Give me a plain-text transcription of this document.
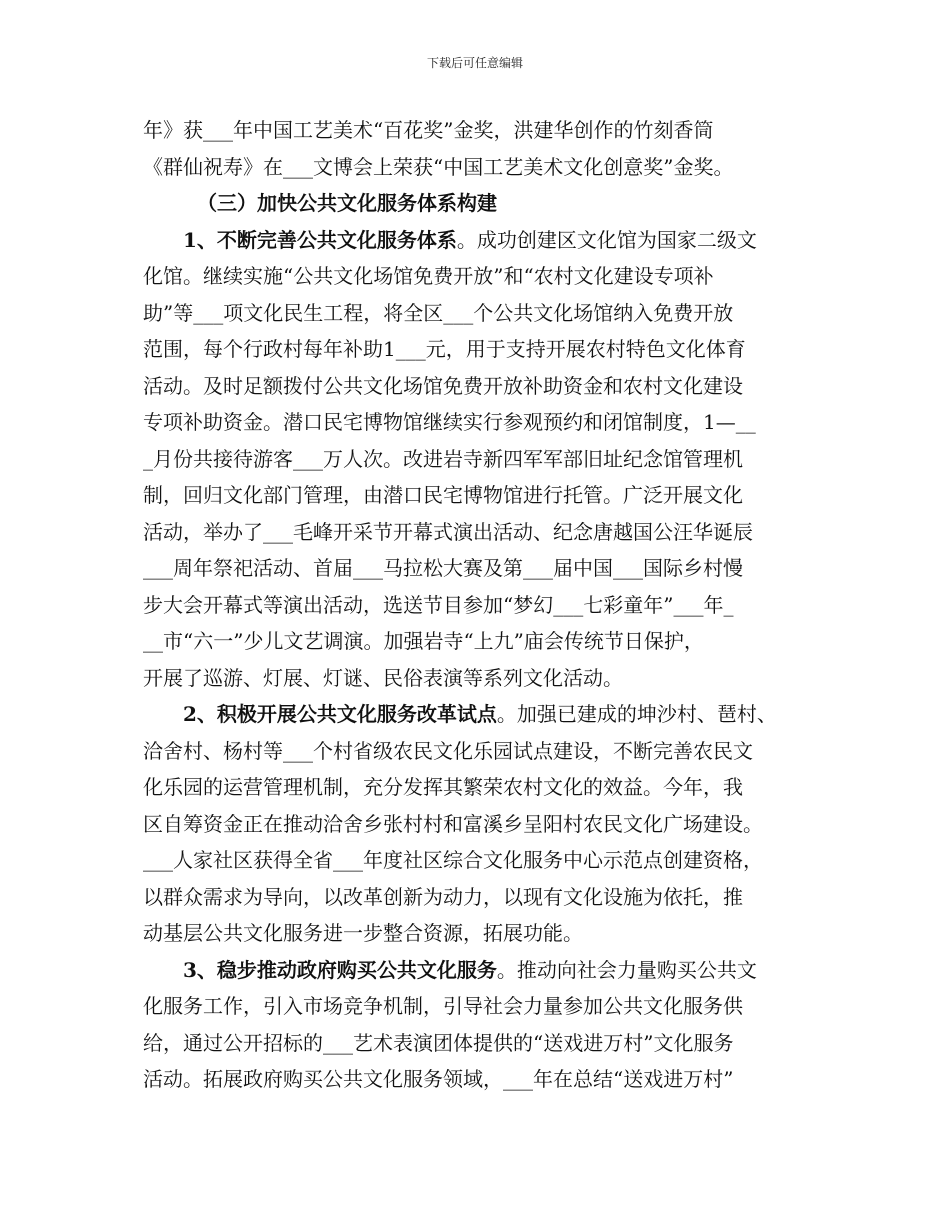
下载后可任意编辑
年》获___年中国工艺美术“百花奖”金奖，洪建华创作的竹刻香筒
《群仙祝寿》在___文博会上荣获“中国工艺美术文化创意奖”金奖。
（三）加快公共文化服务体系构建
1、不断完善公共文化服务体系。成功创建区文化馆为国家二级文
化馆。继续实施“公共文化场馆免费开放”和“农村文化建设专项补
助”等___项文化民生工程，将全区___个公共文化场馆纳入免费开放
范围，每个行政村每年补助1___元，用于支持开展农村特色文化体育
活动。及时足额拨付公共文化场馆免费开放补助资金和农村文化建设
专项补助资金。潜口民宅博物馆继续实行参观预约和闭馆制度，1—__
_月份共接待游客___万人次。改进岩寺新四军军部旧址纪念馆管理机
制，回归文化部门管理，由潜口民宅博物馆进行托管。广泛开展文化
活动，举办了___毛峰开采节开幕式演出活动、纪念唐越国公汪华诞辰
___周年祭祀活动、首届___马拉松大赛及第___届中国___国际乡村慢
步大会开幕式等演出活动，选送节目参加“梦幻___七彩童年”___年_
__市“六一”少儿文艺调演。加强岩寺“上九”庙会传统节日保护，
开展了巡游、灯展、灯谜、民俗表演等系列文化活动。
2、积极开展公共文化服务改革试点。加强已建成的坤沙村、琶村、
洽舍村、杨村等___个村省级农民文化乐园试点建设，不断完善农民文
化乐园的运营管理机制，充分发挥其繁荣农村文化的效益。今年，我
区自筹资金正在推动洽舍乡张村村和富溪乡呈阳村农民文化广场建设。
___人家社区获得全省___年度社区综合文化服务中心示范点创建资格，
以群众需求为导向，以改革创新为动力，以现有文化设施为依托，推
动基层公共文化服务进一步整合资源，拓展功能。
3、稳步推动政府购买公共文化服务。推动向社会力量购买公共文
化服务工作，引入市场竞争机制，引导社会力量参加公共文化服务供
给，通过公开招标的___艺术表演团体提供的“送戏进万村”文化服务
活动。拓展政府购买公共文化服务领域，___年在总结“送戏进万村”
